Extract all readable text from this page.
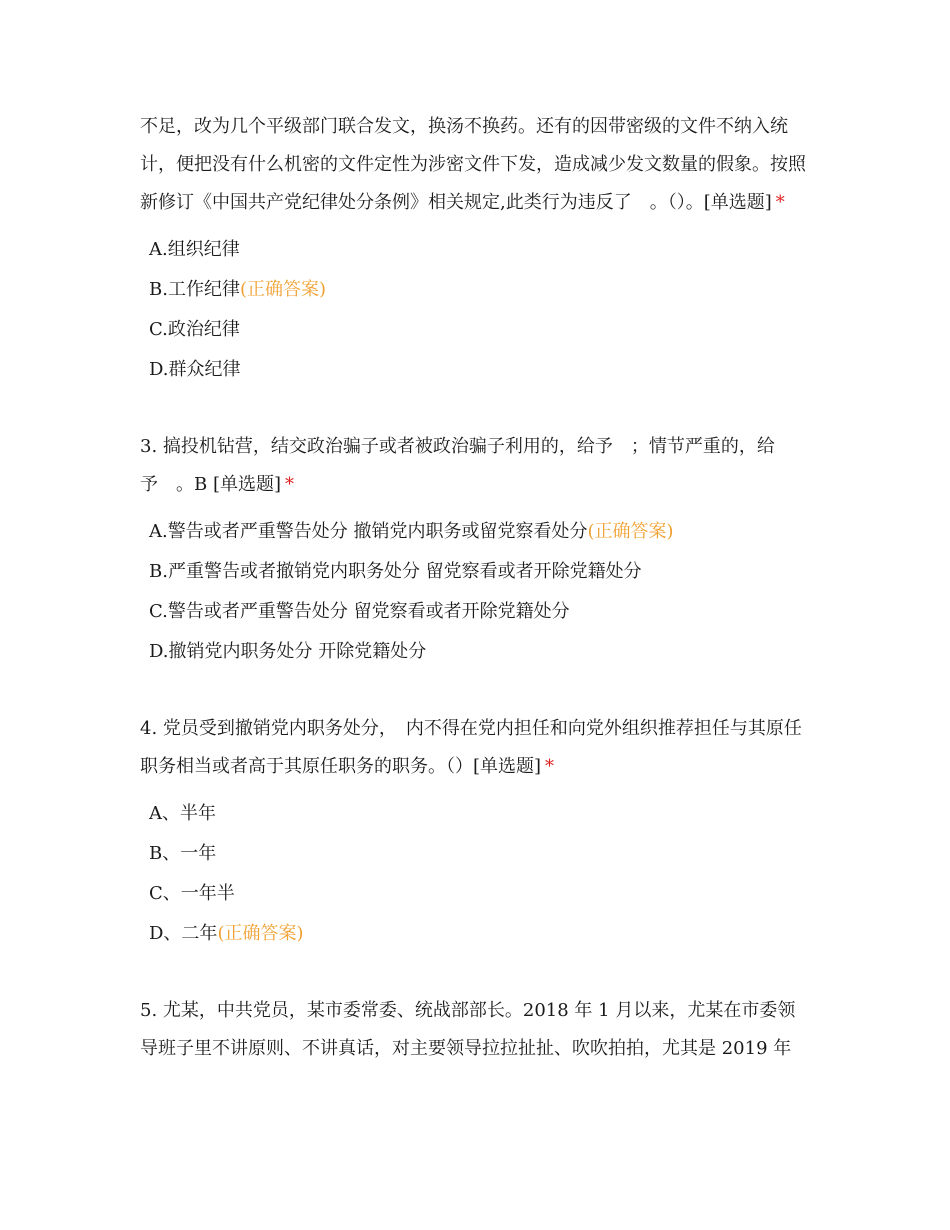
不足，改为几个平级部门联合发文，换汤不换药。还有的因带密级的文件不纳入统计，便把没有什么机密的文件定性为涉密文件下发，造成减少发文数量的假象。按照新修订《中国共产党纪律处分条例》相关规定,此类行为违反了　。（）。[单选题] *

A.组织纪律
B.工作纪律(正确答案)
C.政治纪律
D.群众纪律

3. 搞投机钻营，结交政治骗子或者被政治骗子利用的，给予　；情节严重的，给予　。B [单选题] *

A.警告或者严重警告处分 撤销党内职务或留党察看处分(正确答案)
B.严重警告或者撤销党内职务处分 留党察看或者开除党籍处分
C.警告或者严重警告处分 留党察看或者开除党籍处分
D.撤销党内职务处分 开除党籍处分

4. 党员受到撤销党内职务处分，　内不得在党内担任和向党外组织推荐担任与其原任职务相当或者高于其原任职务的职务。（）[单选题] *

A、半年
B、一年
C、一年半
D、二年(正确答案)

5. 尤某，中共党员，某市委常委、统战部部长。2018 年 1 月以来，尤某在市委领导班子里不讲原则、不讲真话，对主要领导拉拉扯扯、吹吹拍拍，尤其是 2019 年
